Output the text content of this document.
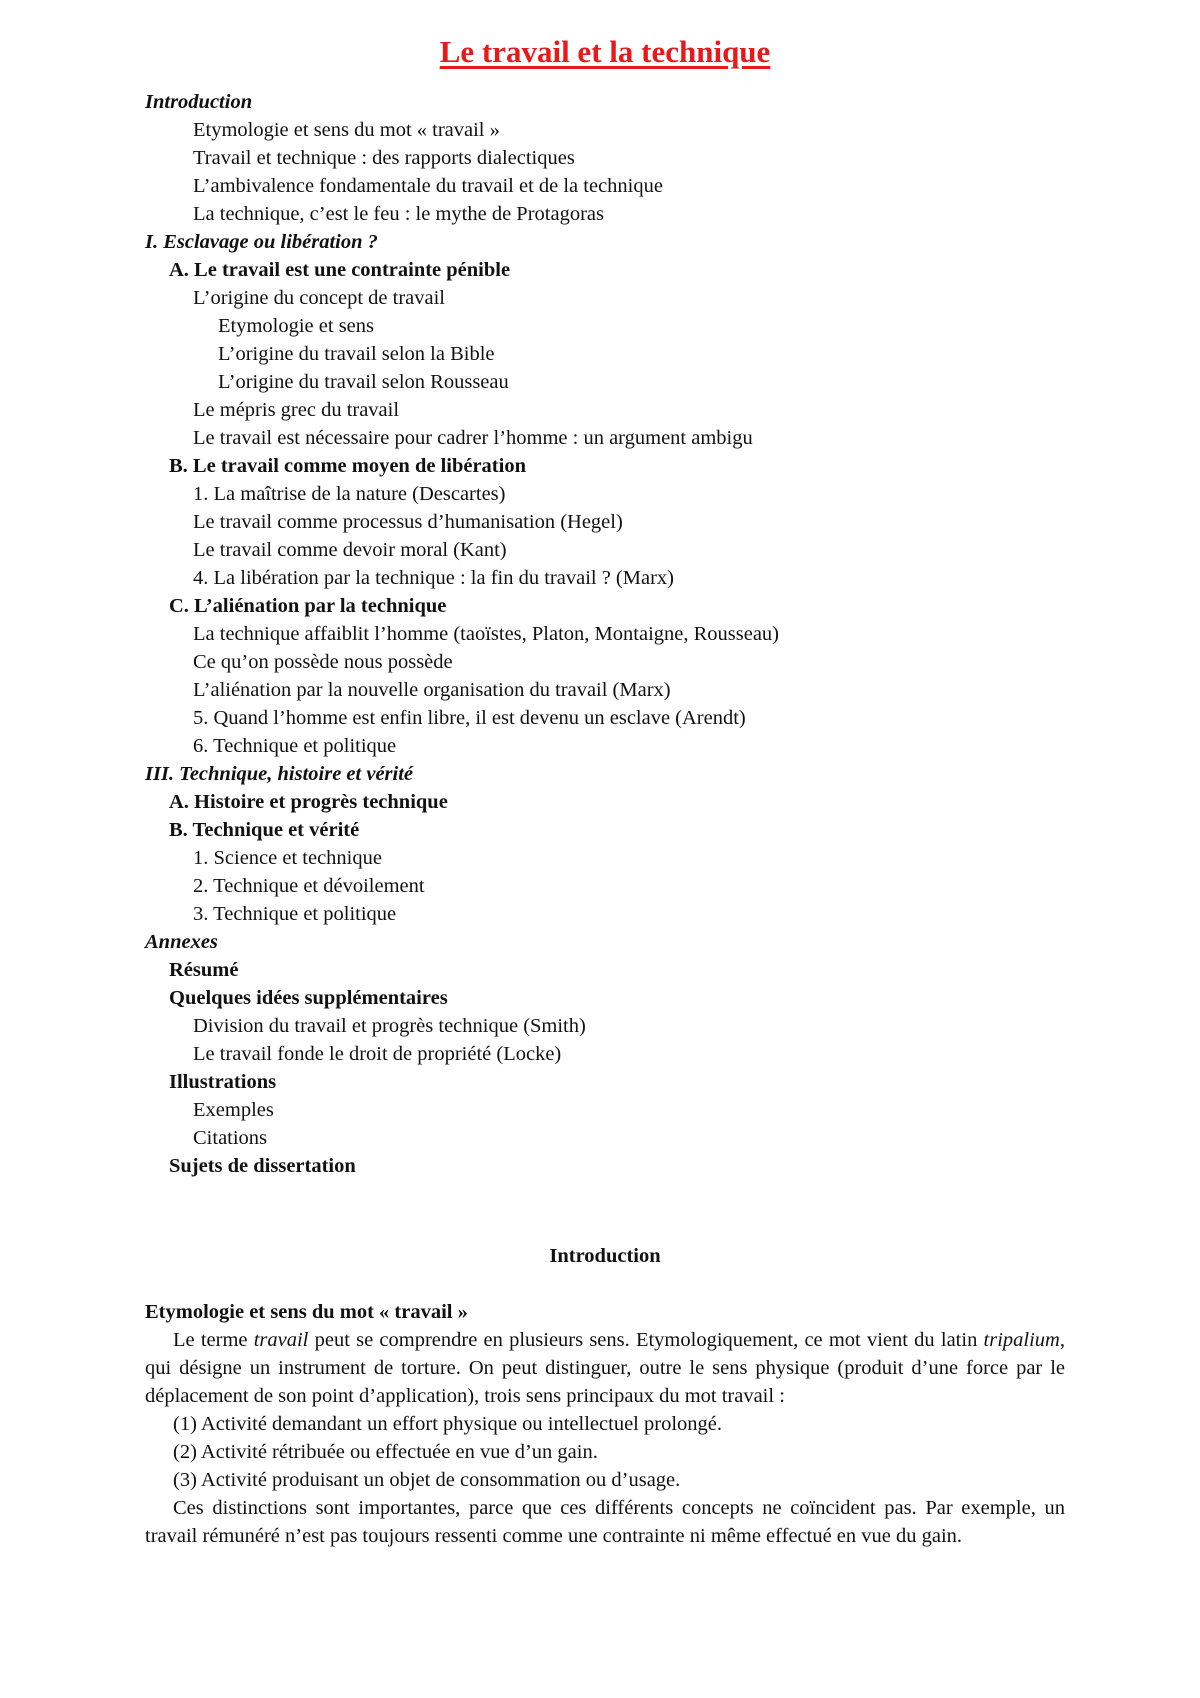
Le travail et la technique
Introduction
Etymologie et sens du mot « travail »
Travail et technique : des rapports dialectiques
L’ambivalence fondamentale du travail et de la technique
La technique, c’est le feu : le mythe de Protagoras
I. Esclavage ou libération ?
A. Le travail est une contrainte pénible
L’origine du concept de travail
Etymologie et sens
L’origine du travail selon la Bible
L’origine du travail selon Rousseau
Le mépris grec du travail
Le travail est nécessaire pour cadrer l’homme : un argument ambigu
B. Le travail comme moyen de libération
1. La maîtrise de la nature (Descartes)
Le travail comme processus d’humanisation (Hegel)
Le travail comme devoir moral (Kant)
4. La libération par la technique : la fin du travail ? (Marx)
C. L’aliénation par la technique
La technique affaiblit l’homme (taoïstes, Platon, Montaigne, Rousseau)
Ce qu’on possède nous possède
L’aliénation par la nouvelle organisation du travail (Marx)
5. Quand l’homme est enfin libre, il est devenu un esclave (Arendt)
6. Technique et politique
III. Technique, histoire et vérité
A. Histoire et progrès technique
B. Technique et vérité
1. Science et technique
2. Technique et dévoilement
3. Technique et politique
Annexes
Résumé
Quelques idées supplémentaires
Division du travail et progrès technique (Smith)
Le travail fonde le droit de propriété (Locke)
Illustrations
Exemples
Citations
Sujets de dissertation
Introduction
Etymologie et sens du mot « travail »

Le terme travail peut se comprendre en plusieurs sens. Etymologiquement, ce mot vient du latin tripalium, qui désigne un instrument de torture. On peut distinguer, outre le sens physique (produit d’une force par le déplacement de son point d’application), trois sens principaux du mot travail :

(1) Activité demandant un effort physique ou intellectuel prolongé.

(2) Activité rétribuée ou effectuée en vue d’un gain.

(3) Activité produisant un objet de consommation ou d’usage.

Ces distinctions sont importantes, parce que ces différents concepts ne coïncident pas. Par exemple, un travail rémunéré n’est pas toujours ressenti comme une contrainte ni même effectué en vue du gain.
